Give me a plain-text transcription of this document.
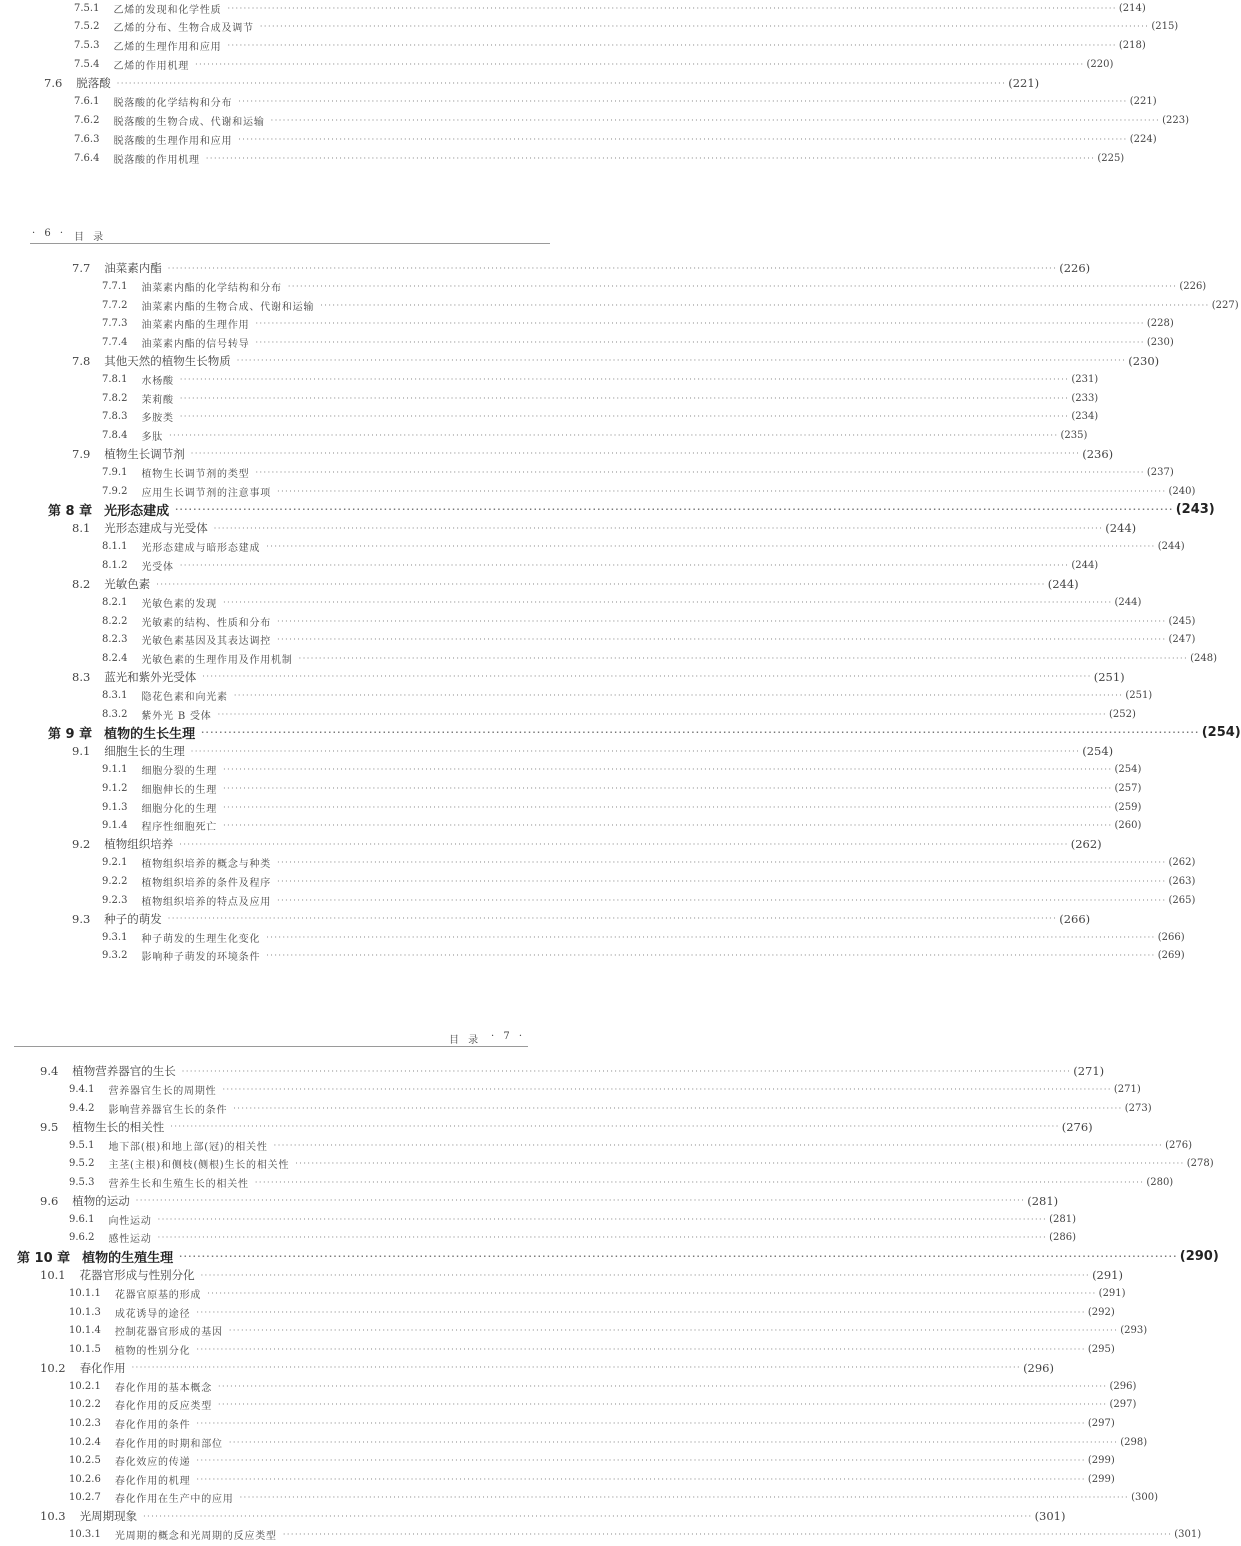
7.5.1 乙烯的发现和化学性质 ···························································································································································································································· (214)
7.5.2 乙烯的分布、生物合成及调节 ···························································································································································································································· (215)
7.5.3 乙烯的生理作用和应用 ···························································································································································································································· (218)
7.5.4 乙烯的作用机理 ···························································································································································································································· (220)
7.6 脱落酸 ···························································································································································································································· (221)
7.6.1 脱落酸的化学结构和分布 ···························································································································································································································· (221)
7.6.2 脱落酸的生物合成、代谢和运输 ···························································································································································································································· (223)
7.6.3 脱落酸的生理作用和应用 ···························································································································································································································· (224)
7.6.4 脱落酸的作用机理 ···························································································································································································································· (225)
· 6 · 目 录
7.7 油菜素内酯 ···························································································································································································································· (226)
7.7.1 油菜素内酯的化学结构和分布 ···························································································································································································································· (226)
7.7.2 油菜素内酯的生物合成、代谢和运输 ···························································································································································································································· (227)
7.7.3 油菜素内酯的生理作用 ···························································································································································································································· (228)
7.7.4 油菜素内酯的信号转导 ···························································································································································································································· (230)
7.8 其他天然的植物生长物质 ···························································································································································································································· (230)
7.8.1 水杨酸 ···························································································································································································································· (231)
7.8.2 茉莉酸 ···························································································································································································································· (233)
7.8.3 多胺类 ···························································································································································································································· (234)
7.8.4 多肽 ···························································································································································································································· (235)
7.9 植物生长调节剂 ···························································································································································································································· (236)
7.9.1 植物生长调节剂的类型 ···························································································································································································································· (237)
7.9.2 应用生长调节剂的注意事项 ···························································································································································································································· (240)
第 8 章 光形态建成 ···························································································································································································································· (243)
8.1 光形态建成与光受体 ···························································································································································································································· (244)
8.1.1 光形态建成与暗形态建成 ···························································································································································································································· (244)
8.1.2 光受体 ···························································································································································································································· (244)
8.2 光敏色素 ···························································································································································································································· (244)
8.2.1 光敏色素的发现 ···························································································································································································································· (244)
8.2.2 光敏素的结构、性质和分布 ···························································································································································································································· (245)
8.2.3 光敏色素基因及其表达调控 ···························································································································································································································· (247)
8.2.4 光敏色素的生理作用及作用机制 ···························································································································································································································· (248)
8.3 蓝光和紫外光受体 ···························································································································································································································· (251)
8.3.1 隐花色素和向光素 ···························································································································································································································· (251)
8.3.2 紫外光 B 受体 ···························································································································································································································· (252)
第 9 章 植物的生长生理 ···························································································································································································································· (254)
9.1 细胞生长的生理 ···························································································································································································································· (254)
9.1.1 细胞分裂的生理 ···························································································································································································································· (254)
9.1.2 细胞伸长的生理 ···························································································································································································································· (257)
9.1.3 细胞分化的生理 ···························································································································································································································· (259)
9.1.4 程序性细胞死亡 ···························································································································································································································· (260)
9.2 植物组织培养 ···························································································································································································································· (262)
9.2.1 植物组织培养的概念与种类 ···························································································································································································································· (262)
9.2.2 植物组织培养的条件及程序 ···························································································································································································································· (263)
9.2.3 植物组织培养的特点及应用 ···························································································································································································································· (265)
9.3 种子的萌发 ···························································································································································································································· (266)
9.3.1 种子萌发的生理生化变化 ···························································································································································································································· (266)
9.3.2 影响种子萌发的环境条件 ···························································································································································································································· (269)
目 录 · 7 ·
9.4 植物营养器官的生长 ···························································································································································································································· (271)
9.4.1 营养器官生长的周期性 ···························································································································································································································· (271)
9.4.2 影响营养器官生长的条件 ···························································································································································································································· (273)
9.5 植物生长的相关性 ···························································································································································································································· (276)
9.5.1 地下部(根)和地上部(冠)的相关性 ···························································································································································································································· (276)
9.5.2 主茎(主根)和侧枝(侧根)生长的相关性 ···························································································································································································································· (278)
9.5.3 营养生长和生殖生长的相关性 ···························································································································································································································· (280)
9.6 植物的运动 ···························································································································································································································· (281)
9.6.1 向性运动 ···························································································································································································································· (281)
9.6.2 感性运动 ···························································································································································································································· (286)
第 10 章 植物的生殖生理 ···························································································································································································································· (290)
10.1 花器官形成与性别分化 ···························································································································································································································· (291)
10.1.1 花器官原基的形成 ···························································································································································································································· (291)
10.1.3 成花诱导的途径 ···························································································································································································································· (292)
10.1.4 控制花器官形成的基因 ···························································································································································································································· (293)
10.1.5 植物的性别分化 ···························································································································································································································· (295)
10.2 春化作用 ···························································································································································································································· (296)
10.2.1 春化作用的基本概念 ···························································································································································································································· (296)
10.2.2 春化作用的反应类型 ···························································································································································································································· (297)
10.2.3 春化作用的条件 ···························································································································································································································· (297)
10.2.4 春化作用的时期和部位 ···························································································································································································································· (298)
10.2.5 春化效应的传递 ···························································································································································································································· (299)
10.2.6 春化作用的机理 ···························································································································································································································· (299)
10.2.7 春化作用在生产中的应用 ···························································································································································································································· (300)
10.3 光周期现象 ···························································································································································································································· (301)
10.3.1 光周期的概念和光周期的反应类型 ···························································································································································································································· (301)
